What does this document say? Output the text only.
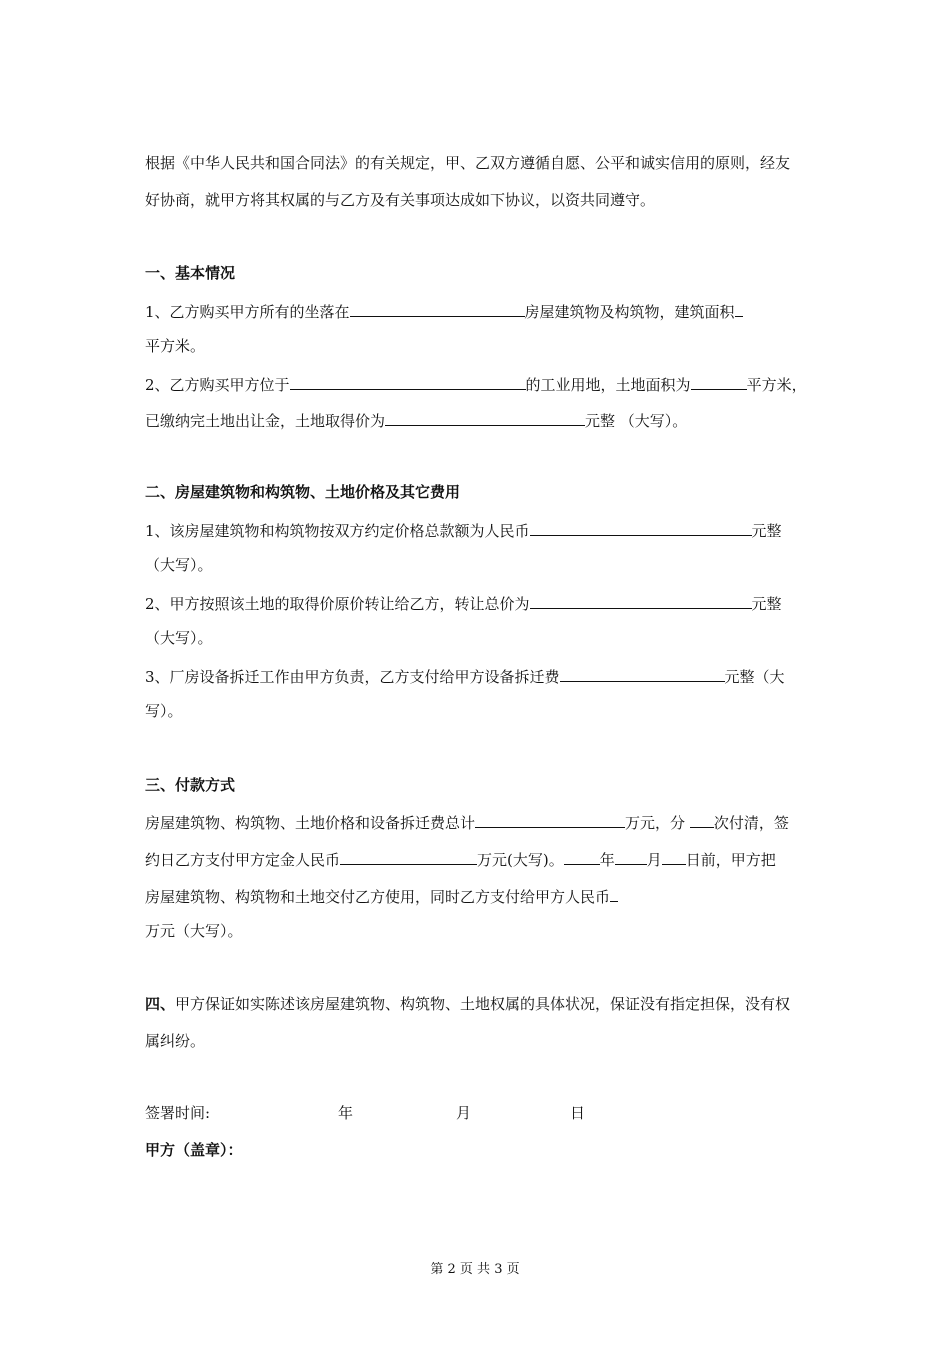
根据《中华人民共和国合同法》的有关规定，甲、乙双方遵循自愿、公平和诚实信用的原则，经友
好协商，就甲方将其权属的与乙方及有关事项达成如下协议，以资共同遵守。
一、基本情况
1、乙方购买甲方所有的坐落在	房屋建筑物及构筑物，建筑面积
平方米。
2、乙方购买甲方位于	的工业用地，土地面积为	平方米，
已缴纳完土地出让金，土地取得价为	元整 （大写）。
二、房屋建筑物和构筑物、土地价格及其它费用
1、该房屋建筑物和构筑物按双方约定价格总款额为人民币	元整
（大写）。
2、甲方按照该土地的取得价原价转让给乙方，转让总价为	元整
（大写）。
3、厂房设备拆迁工作由甲方负责，乙方支付给甲方设备拆迁费	元整（大
写）。
三、付款方式
房屋建筑物、构筑物、土地价格和设备拆迁费总计	万元，分 次付清，签
约日乙方支付甲方定金人民币	万元(大写)。 年 月 日前，甲方把
房屋建筑物、构筑物和土地交付乙方使用，同时乙方支付给甲方人民币
万元（大写）。
四、甲方保证如实陈述该房屋建筑物、构筑物、土地权属的具体状况，保证没有指定担保，没有权
属纠纷。
签署时间:	年	月	日
甲方（盖章）：
第 2 页 共 3 页
